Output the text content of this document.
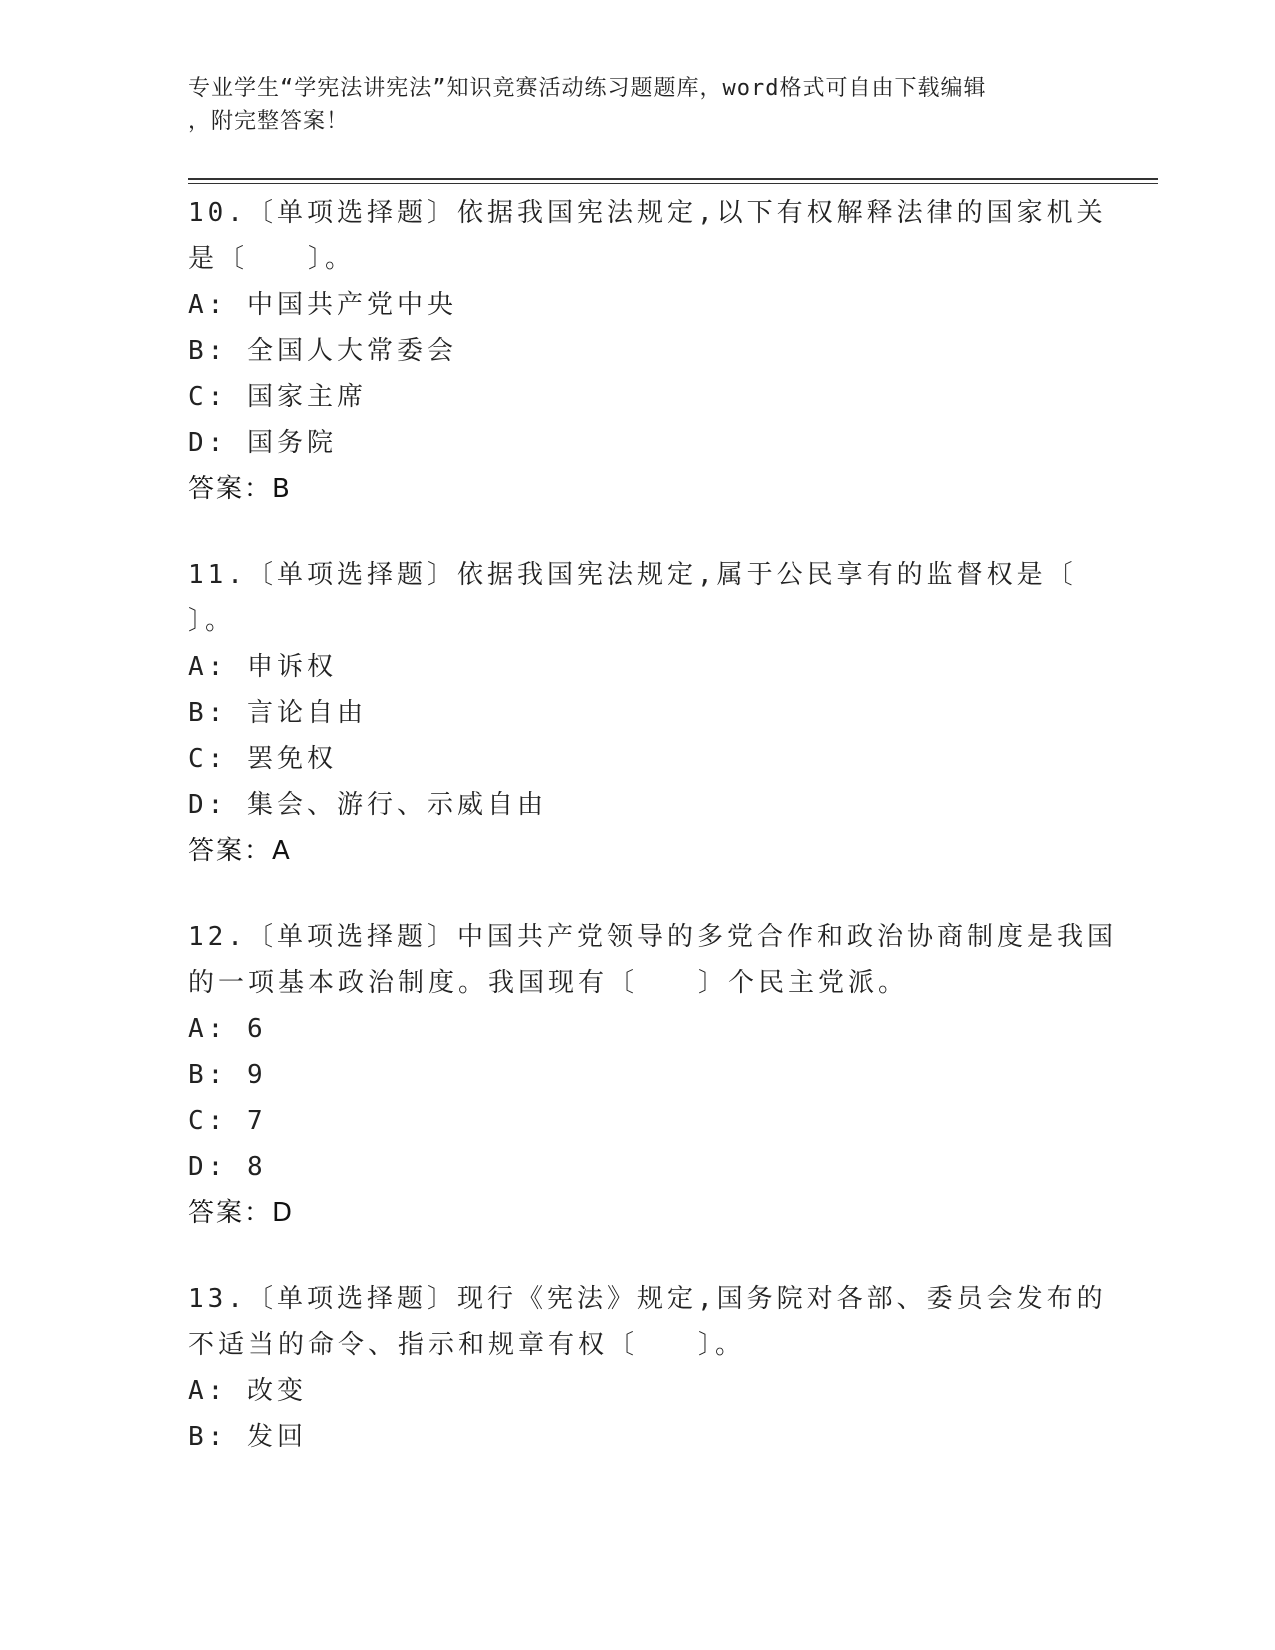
专业学生“学宪法讲宪法”知识竞赛活动练习题题库，word格式可自由下载编辑
，附完整答案！
10.〔单项选择题〕依据我国宪法规定,以下有权解释法律的国家机关
是〔　　〕。
A: 中国共产党中央
B: 全国人大常委会
C: 国家主席
D: 国务院
答案：B
11.〔单项选择题〕依据我国宪法规定,属于公民享有的监督权是〔
〕。
A: 申诉权
B: 言论自由
C: 罢免权
D: 集会、游行、示威自由
答案：A
12.〔单项选择题〕中国共产党领导的多党合作和政治协商制度是我国
的一项基本政治制度。我国现有〔　　〕个民主党派。
A: 6
B: 9
C: 7
D: 8
答案：D
13.〔单项选择题〕现行《宪法》规定,国务院对各部、委员会发布的
不适当的命令、指示和规章有权〔　　〕。
A: 改变
B: 发回
